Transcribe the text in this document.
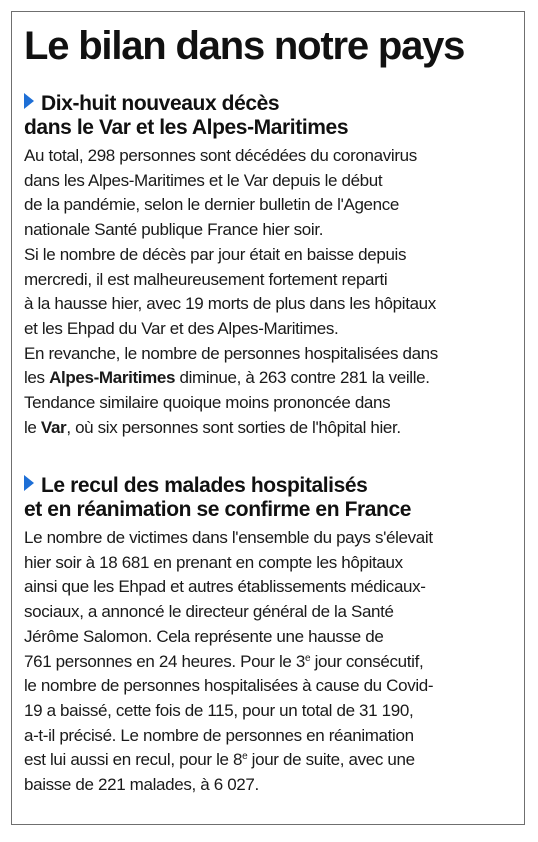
Le bilan dans notre pays
Dix-huit nouveaux décès
dans le Var et les Alpes-Maritimes
Au total, 298 personnes sont décédées du coronavirus
dans les Alpes-Maritimes et le Var depuis le début
de la pandémie, selon le dernier bulletin de l'Agence
nationale Santé publique France hier soir.
Si le nombre de décès par jour était en baisse depuis
mercredi, il est malheureusement fortement reparti
à la hausse hier, avec 19 morts de plus dans les hôpitaux
et les Ehpad du Var et des Alpes-Maritimes.
En revanche, le nombre de personnes hospitalisées dans
les Alpes-Maritimes diminue, à 263 contre 281 la veille.
Tendance similaire quoique moins prononcée dans
le Var, où six personnes sont sorties de l'hôpital hier.
Le recul des malades hospitalisés
et en réanimation se confirme en France
Le nombre de victimes dans l'ensemble du pays s'élevait
hier soir à 18 681 en prenant en compte les hôpitaux
ainsi que les Ehpad et autres établissements médicaux-
sociaux, a annoncé le directeur général de la Santé
Jérôme Salomon. Cela représente une hausse de
761 personnes en 24 heures. Pour le 3e jour consécutif,
le nombre de personnes hospitalisées à cause du Covid-
19 a baissé, cette fois de 115, pour un total de 31 190,
a-t-il précisé. Le nombre de personnes en réanimation
est lui aussi en recul, pour le 8e jour de suite, avec une
baisse de 221 malades, à 6 027.
